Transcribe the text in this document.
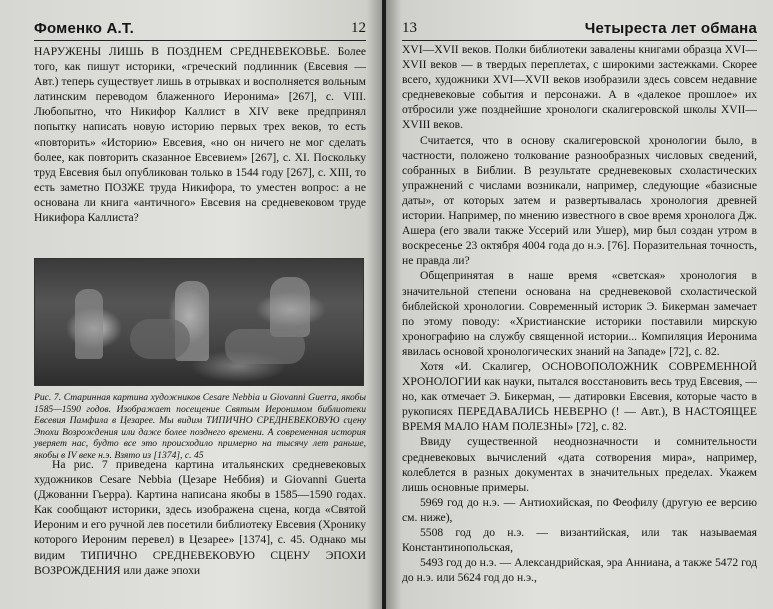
Фоменко А.Т.	12

НАРУЖЕНЫ ЛИШЬ В ПОЗДНЕМ СРЕДНЕВЕКОВЬЕ. Более того, как пишут историки, «греческий подлинник (Евсевия — Авт.) теперь существует лишь в отрывках и восполняется вольным латинским переводом блаженного Иеронима» [267], с. VIII. Любопытно, что Никифор Каллист в XIV веке предпринял попытку написать новую историю первых трех веков, то есть «повторить» «Историю» Евсевия, «но он ничего не мог сделать более, как повторить сказанное Евсевием» [267], с. XI. Поскольку труд Евсевия был опубликован только в 1544 году [267], с. XIII, то есть заметно ПОЗЖЕ труда Никифора, то уместен вопрос: а не основана ли книга «античного» Евсевия на средневековом труде Никифора Каллиста?

Рис. 7. Старинная картина художников Cesare Nebbia и Giovanni Guerra, якобы 1585—1590 годов. Изображает посещение Святым Иеронимом библиотеки Евсевия Памфила в Цезарее. Мы видим ТИПИЧНО СРЕДНЕВЕКОВУЮ сцену Эпохи Возрождения или даже более позднего времени. А современная история уверяет нас, будто все это происходило примерно на тысячу лет раньше, якобы в IV веке н.э. Взято из [1374], с. 45

На рис. 7 приведена картина итальянских средневековых художников Cesare Nebbia (Цезаре Неббия) и Giovanni Guerta (Джованни Гьерра). Картина написана якобы в 1585—1590 годах. Как сообщают историки, здесь изображена сцена, когда «Святой Иероним и его ручной лев посетили библиотеку Евсевия (Хронику которого Иероним перевел) в Цезарее» [1374], с. 45. Однако мы видим ТИПИЧНО СРЕДНЕВЕКОВУЮ СЦЕНУ ЭПОХИ ВОЗРОЖДЕНИЯ или даже эпохи

13	Четыреста лет обмана

XVI—XVII веков. Полки библиотеки завалены книгами образца XVI—XVII веков — в твердых переплетах, с широкими застежками. Скорее всего, художники XVI—XVII веков изобразили здесь совсем недавние средневековые события и персонажи. А в «далекое прошлое» их отбросили уже позднейшие хронологи скалигеровской школы XVII—XVIII веков.

Считается, что в основу скалигеровской хронологии было, в частности, положено толкование разнообразных числовых сведений, собранных в Библии. В результате средневековых схоластических упражнений с числами возникали, например, следующие «базисные даты», от которых затем и развертывалась хронология древней истории. Например, по мнению известного в свое время хронолога Дж. Ашера (его звали также Уссерий или Ушер), мир был создан утром в воскресенье 23 октября 4004 года до н.э. [76]. Поразительная точность, не правда ли?

Общепринятая в наше время «светская» хронология в значительной степени основана на средневековой схоластической библейской хронологии. Современный историк Э. Бикерман замечает по этому поводу: «Христианские историки поставили мирскую хронографию на службу священной истории... Компиляция Иеронима явилась основой хронологических знаний на Западе» [72], с. 82.

Хотя «И. Скалигер, ОСНОВОПОЛОЖНИК СОВРЕМЕННОЙ ХРОНОЛОГИИ как науки, пытался восстановить весь труд Евсевия, — но, как отмечает Э. Бикерман, — датировки Евсевия, которые часто в рукописях ПЕРЕДАВАЛИСЬ НЕВЕРНО (! — Авт.), В НАСТОЯЩЕЕ ВРЕМЯ МАЛО НАМ ПОЛЕЗНЫ» [72], с. 82.

Ввиду существенной неоднозначности и сомнительности средневековых вычислений «дата сотворения мира», например, колеблется в разных документах в значительных пределах. Укажем лишь основные примеры.

5969 год до н.э. — Антиохийская, по Феофилу (другую ее версию см. ниже),

5508 год до н.э. — византийская, или так называемая Константинопольская,

5493 год до н.э. — Александрийская, эра Анниана, а также 5472 год до н.э. или 5624 год до н.э.,
